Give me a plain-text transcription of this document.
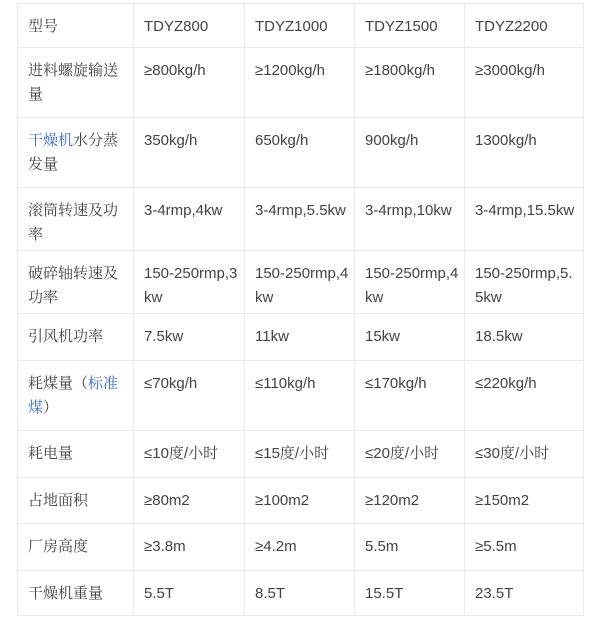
型号	TDYZ800	TDYZ1000	TDYZ1500	TDYZ2200
进料螺旋输送量	≥800kg/h	≥1200kg/h	≥1800kg/h	≥3000kg/h
干燥机水分蒸发量	350kg/h	650kg/h	900kg/h	1300kg/h
滚筒转速及功率	3-4rmp,4kw	3-4rmp,5.5kw	3-4rmp,10kw	3-4rmp,15.5kw
破碎轴转速及功率	150-250rmp,3kw	150-250rmp,4kw	150-250rmp,4kw	150-250rmp,5.5kw
引风机功率	7.5kw	11kw	15kw	18.5kw
耗煤量（标准煤）	≤70kg/h	≤110kg/h	≤170kg/h	≤220kg/h
耗电量	≤10度/小时	≤15度/小时	≤20度/小时	≤30度/小时
占地面积	≥80m2	≥100m2	≥120m2	≥150m2
厂房高度	≥3.8m	≥4.2m	5.5m	≥5.5m
干燥机重量	5.5T	8.5T	15.5T	23.5T
